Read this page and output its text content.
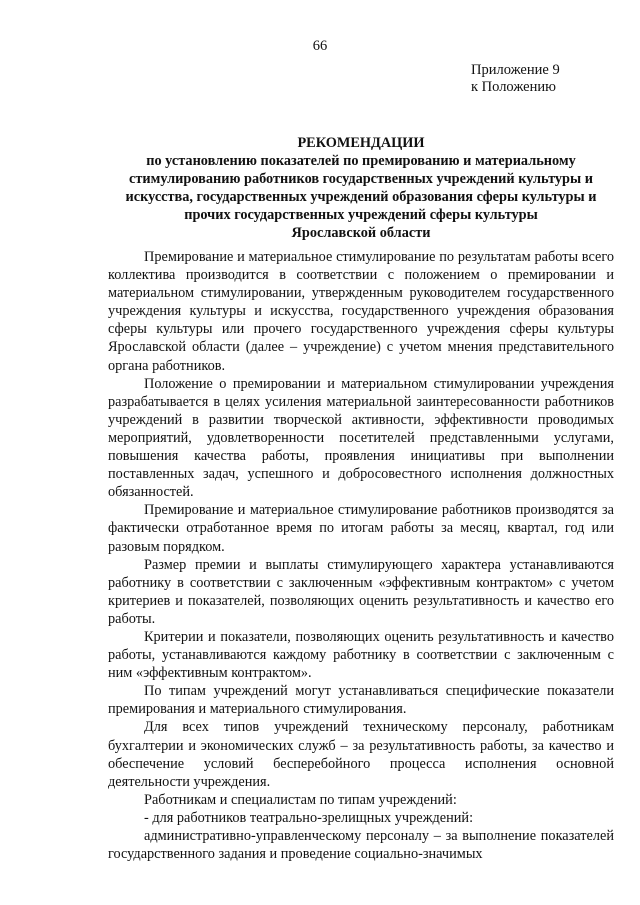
66
Приложение 9
к Положению
РЕКОМЕНДАЦИИ
по установлению показателей по премированию и материальному
стимулированию работников государственных учреждений культуры и
искусства, государственных учреждений образования сферы культуры и
прочих государственных учреждений сферы культуры
Ярославской области

Премирование и материальное стимулирование по результатам работы всего коллектива производится в соответствии с положением о премировании и материальном стимулировании, утвержденным руководителем государственного учреждения культуры и искусства, государственного учреждения образования сферы культуры или прочего государственного учреждения сферы культуры Ярославской области (далее – учреждение) с учетом мнения представительного органа работников.

Положение о премировании и материальном стимулировании учреждения разрабатывается в целях усиления материальной заинтересованности работников учреждений в развитии творческой активности, эффективности проводимых мероприятий, удовлетворенности посетителей представленными услугами, повышения качества работы, проявления инициативы при выполнении поставленных задач, успешного и добросовестного исполнения должностных обязанностей.

Премирование и материальное стимулирование работников производятся за фактически отработанное время по итогам работы за месяц, квартал, год или разовым порядком.

Размер премии и выплаты стимулирующего характера устанавливаются работнику в соответствии с заключенным «эффективным контрактом» с учетом критериев и показателей, позволяющих оценить результативность и качество его работы.

Критерии и показатели, позволяющих оценить результативность и качество работы, устанавливаются каждому работнику в соответствии с заключенным с ним «эффективным контрактом».

По типам учреждений могут устанавливаться специфические показатели премирования и материального стимулирования.

Для всех типов учреждений техническому персоналу, работникам бухгалтерии и экономических служб – за результативность работы, за качество и обеспечение условий бесперебойного процесса исполнения основной деятельности учреждения.

Работникам и специалистам по типам учреждений:

- для работников театрально-зрелищных учреждений:

административно-управленческому персоналу – за выполнение показателей государственного задания и проведение социально-значимых
